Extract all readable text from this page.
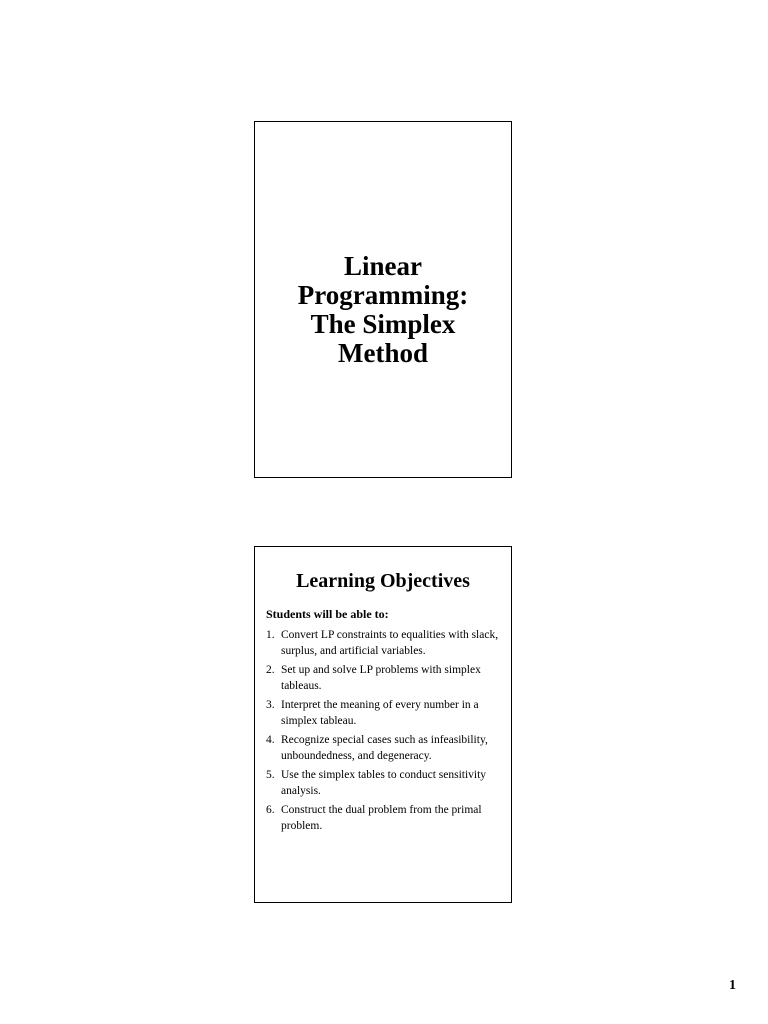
Linear
Programming:
The Simplex
Method
Learning Objectives
Students will be able to:
1. Convert LP constraints to equalities with slack, surplus, and artificial variables.
2. Set up and solve LP problems with simplex tableaus.
3. Interpret the meaning of every number in a simplex tableau.
4. Recognize special cases such as infeasibility, unboundedness, and degeneracy.
5. Use the simplex tables to conduct sensitivity analysis.
6. Construct the dual problem from the primal problem.
1
